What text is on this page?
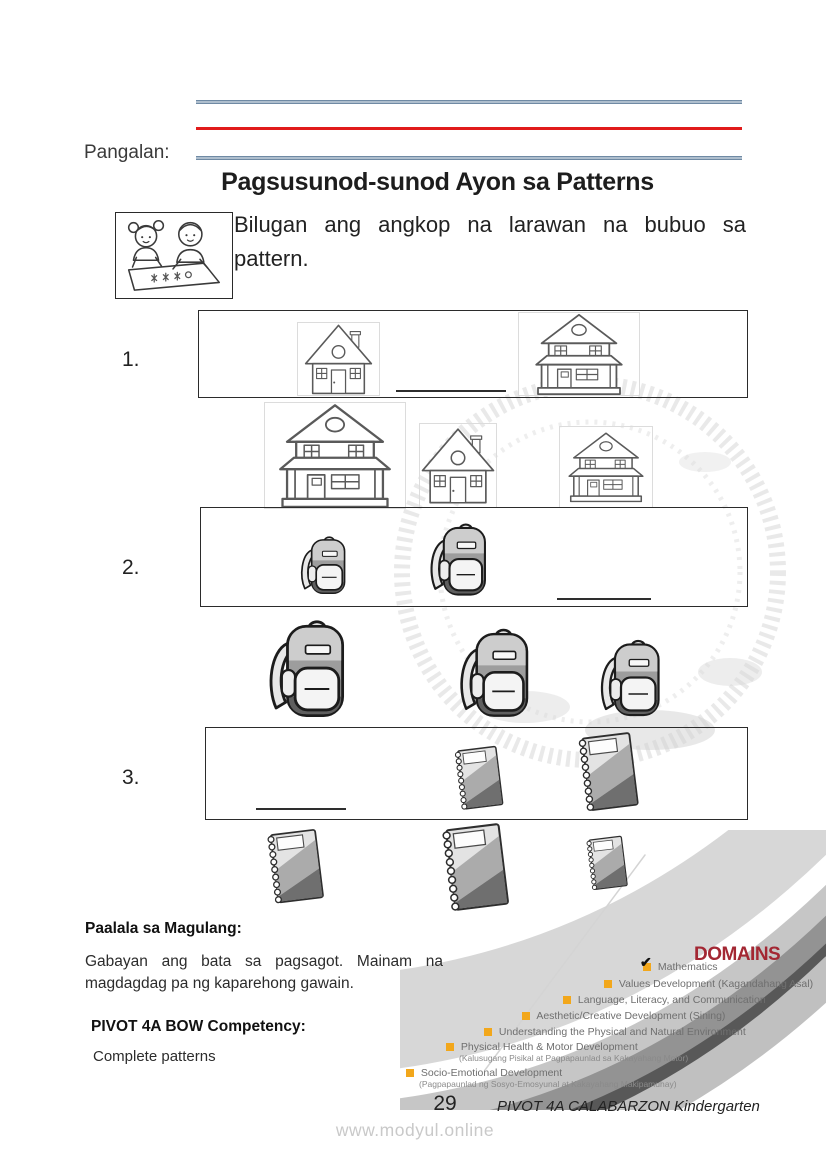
Pangalan:
Pagsusunod-sunod Ayon sa Patterns
Bilugan ang angkop na larawan na bubuo sa pattern.
1.
2.
3.
Paalala sa Magulang:
Gabayan ang bata sa pagsagot. Mainam na magdagdag pa ng kaparehong gawain.
PIVOT 4A BOW Competency:
Complete patterns
DOMAINS
✔ Mathematics
Values Development (Kagandahang Asal)
Language, Literacy, and Communication
Aesthetic/Creative Development (Sining)
Understanding the Physical and Natural Environment
Physical Health & Motor Development
(Kalusugang Pisikal at Pagpapaunlad sa Kakayahang Motor)
Socio-Emotional Development
(Pagpapaunlad ng Sosyo-Emosyunal at Kakayahang Makipamuhay)
29	PIVOT 4A CALABARZON Kindergarten
www.modyul.online
